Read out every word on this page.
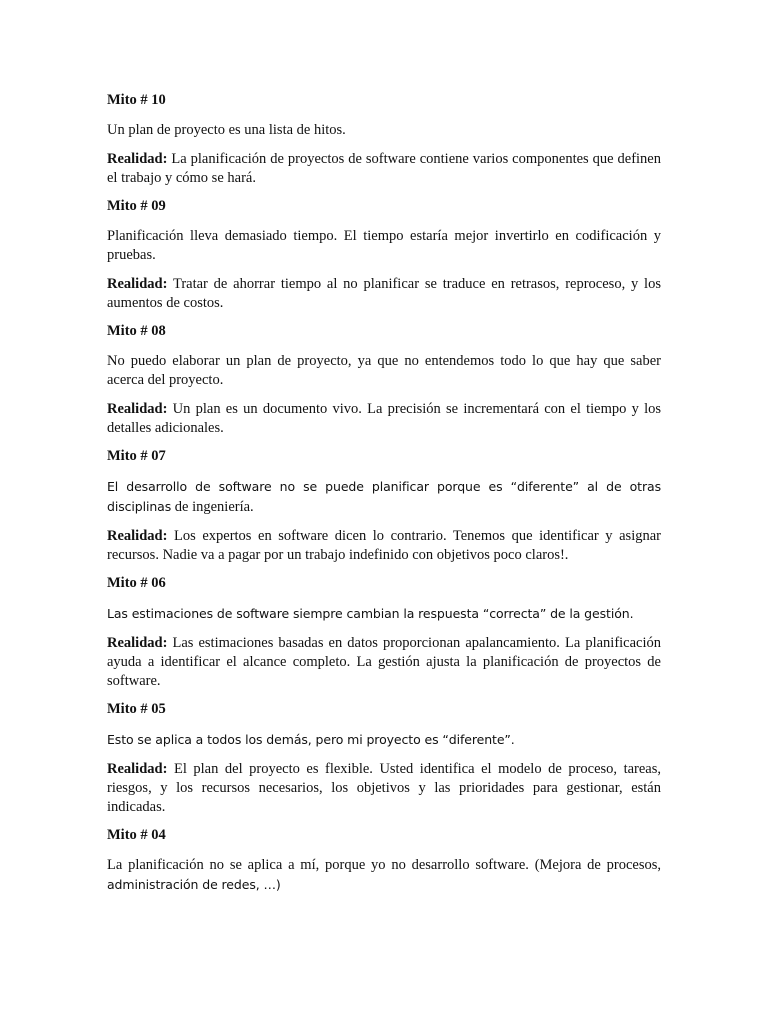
Mito # 10

Un plan de proyecto es una lista de hitos.

Realidad: La planificación de proyectos de software contiene varios componentes que definen el trabajo y cómo se hará.

Mito # 09

Planificación lleva demasiado tiempo. El tiempo estaría mejor invertirlo en codificación y pruebas.

Realidad: Tratar de ahorrar tiempo al no planificar se traduce en retrasos, reproceso, y los aumentos de costos.

Mito # 08

No puedo elaborar un plan de proyecto, ya que no entendemos todo lo que hay que saber acerca del proyecto.

Realidad: Un plan es un documento vivo. La precisión se incrementará con el tiempo y los detalles adicionales.

Mito # 07

El desarrollo de software no se puede planificar porque es “diferente” al de otras disciplinas de ingeniería.

Realidad: Los expertos en software dicen lo contrario. Tenemos que identificar y asignar recursos. Nadie va a pagar por un trabajo indefinido con objetivos poco claros!.

Mito # 06

Las estimaciones de software siempre cambian la respuesta “correcta” de la gestión.

Realidad: Las estimaciones basadas en datos proporcionan apalancamiento. La planificación ayuda a identificar el alcance completo. La gestión ajusta la planificación de proyectos de software.

Mito # 05

Esto se aplica a todos los demás, pero mi proyecto es “diferente”.

Realidad: El plan del proyecto es flexible. Usted identifica el modelo de proceso, tareas, riesgos, y los recursos necesarios, los objetivos y las prioridades para gestionar, están indicadas.

Mito # 04

La planificación no se aplica a mí, porque yo no desarrollo software. (Mejora de procesos, administración de redes, …)
